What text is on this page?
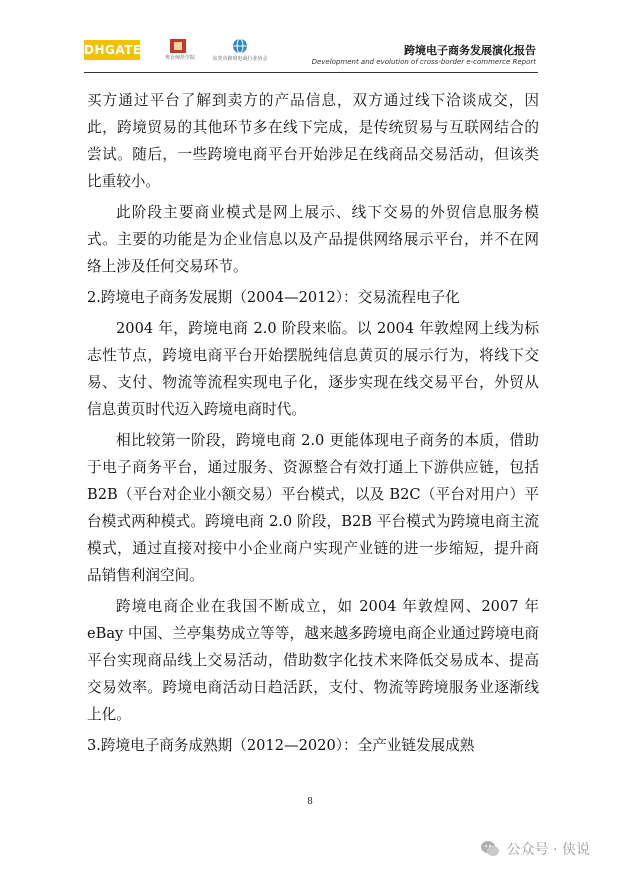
DHGATE
粤北师范学院	东莞市跨境电商行业协会
跨境电子商务发展演化报告
Development and evolution of cross-border e-commerce Report

买方通过平台了解到卖方的产品信息，双方通过线下洽谈成交，因此，跨境贸易的其他环节多在线下完成，是传统贸易与互联网结合的尝试。随后，一些跨境电商平台开始涉足在线商品交易活动，但该类比重较小。

此阶段主要商业模式是网上展示、线下交易的外贸信息服务模式。主要的功能是为企业信息以及产品提供网络展示平台，并不在网络上涉及任何交易环节。

2.跨境电子商务发展期（2004—2012）：交易流程电子化

2004 年，跨境电商 2.0 阶段来临。以 2004 年敦煌网上线为标志性节点，跨境电商平台开始摆脱纯信息黄页的展示行为，将线下交易、支付、物流等流程实现电子化，逐步实现在线交易平台，外贸从信息黄页时代迈入跨境电商时代。

相比较第一阶段，跨境电商 2.0 更能体现电子商务的本质，借助于电子商务平台，通过服务、资源整合有效打通上下游供应链，包括 B2B（平台对企业小额交易）平台模式，以及 B2C（平台对用户）平台模式两种模式。跨境电商 2.0 阶段，B2B 平台模式为跨境电商主流模式，通过直接对接中小企业商户实现产业链的进一步缩短，提升商品销售利润空间。

跨境电商企业在我国不断成立，如 2004 年敦煌网、2007 年 eBay 中国、兰亭集势成立等等，越来越多跨境电商企业通过跨境电商平台实现商品线上交易活动，借助数字化技术来降低交易成本、提高交易效率。跨境电商活动日趋活跃，支付、物流等跨境服务业逐渐线上化。

3.跨境电子商务成熟期（2012—2020）：全产业链发展成熟

8
公众号 · 侠说
